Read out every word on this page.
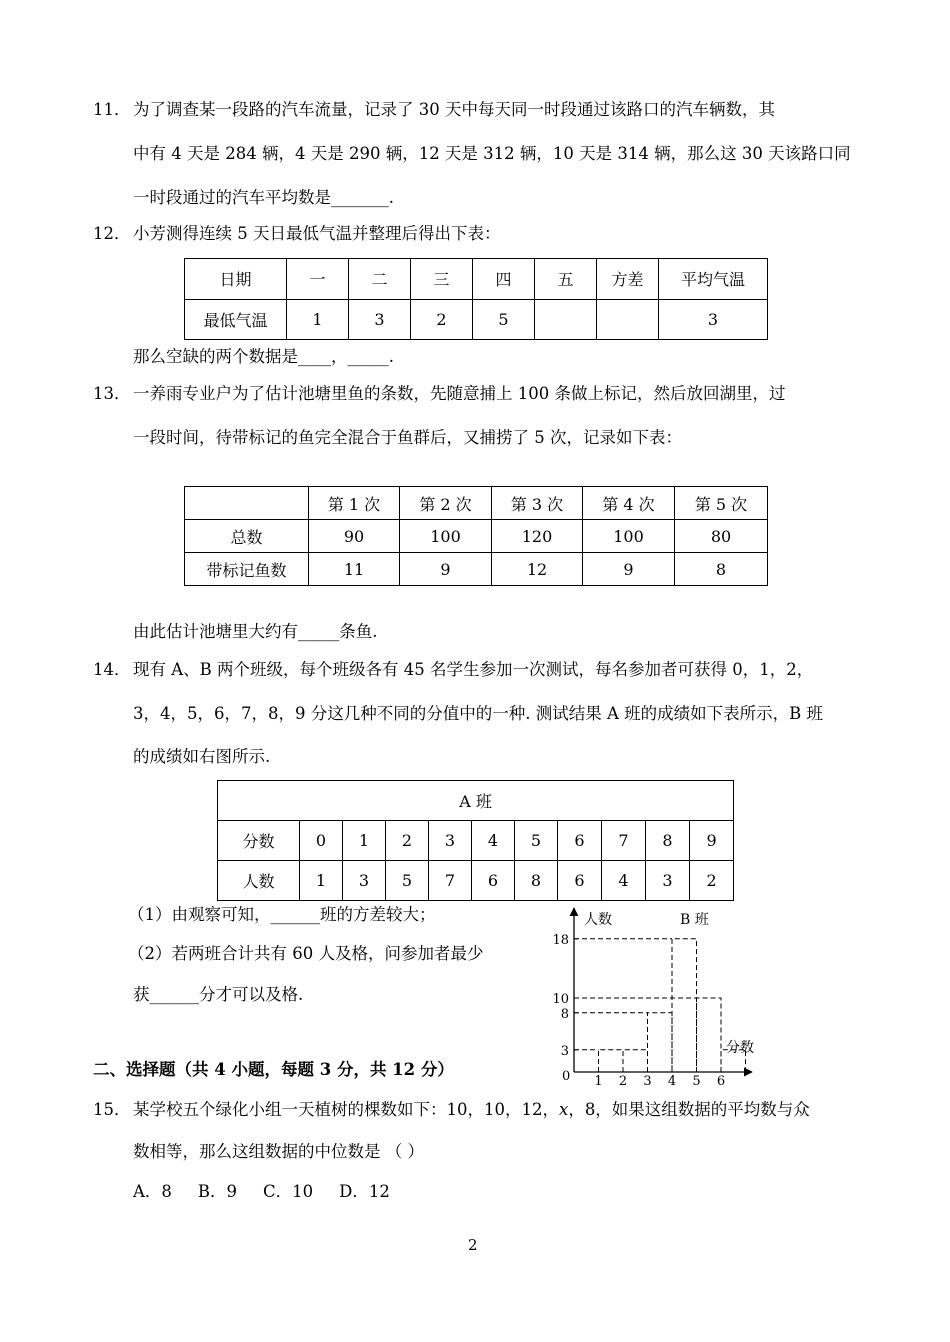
11． 为了调查某一段路的汽车流量，记录了 30 天中每天同一时段通过该路口的汽车辆数，其
中有 4 天是 284 辆，4 天是 290 辆，12 天是 312 辆，10 天是 314 辆，那么这 30 天该路口同
一时段通过的汽车平均数是_______.
12． 小芳测得连续 5 天日最低气温并整理后得出下表：
日期	一	二	三	四	五	方差	平均气温
最低气温	1	3	2	5			3
那么空缺的两个数据是____，_____.
13． 一养雨专业户为了估计池塘里鱼的条数，先随意捕上 100 条做上标记，然后放回湖里，过
一段时间，待带标记的鱼完全混合于鱼群后，又捕捞了 5 次，记录如下表：
	第 1 次	第 2 次	第 3 次	第 4 次	第 5 次
总数	90	100	120	100	80
带标记鱼数	11	9	12	9	8
由此估计池塘里大约有_____条鱼.
14． 现有 A、B 两个班级，每个班级各有 45 名学生参加一次测试，每名参加者可获得 0，1，2，
3，4，5，6，7，8，9 分这几种不同的分值中的一种. 测试结果 A 班的成绩如下表所示，B 班
的成绩如右图所示.
A 班										
分数	0	1	2	3	4	5	6	7	8	9
人数	1	3	5	7	6	8	6	4	3	2
（1）由观察可知，______班的方差较大；
（2）若两班合计共有 60 人及格，问参加者最少
获______分才可以及格.
3
8
10
18
1 2 3 4 5 6
人数	B 班
分数
0
二、选择题（共 4 小题，每题 3 分，共 12 分）
15． 某学校五个绿化小组一天植树的棵数如下：10，10，12，x，8，如果这组数据的平均数与众
数相等，那么这组数据的中位数是 （ ）
A．8 B．9 C．10 D．12
2
